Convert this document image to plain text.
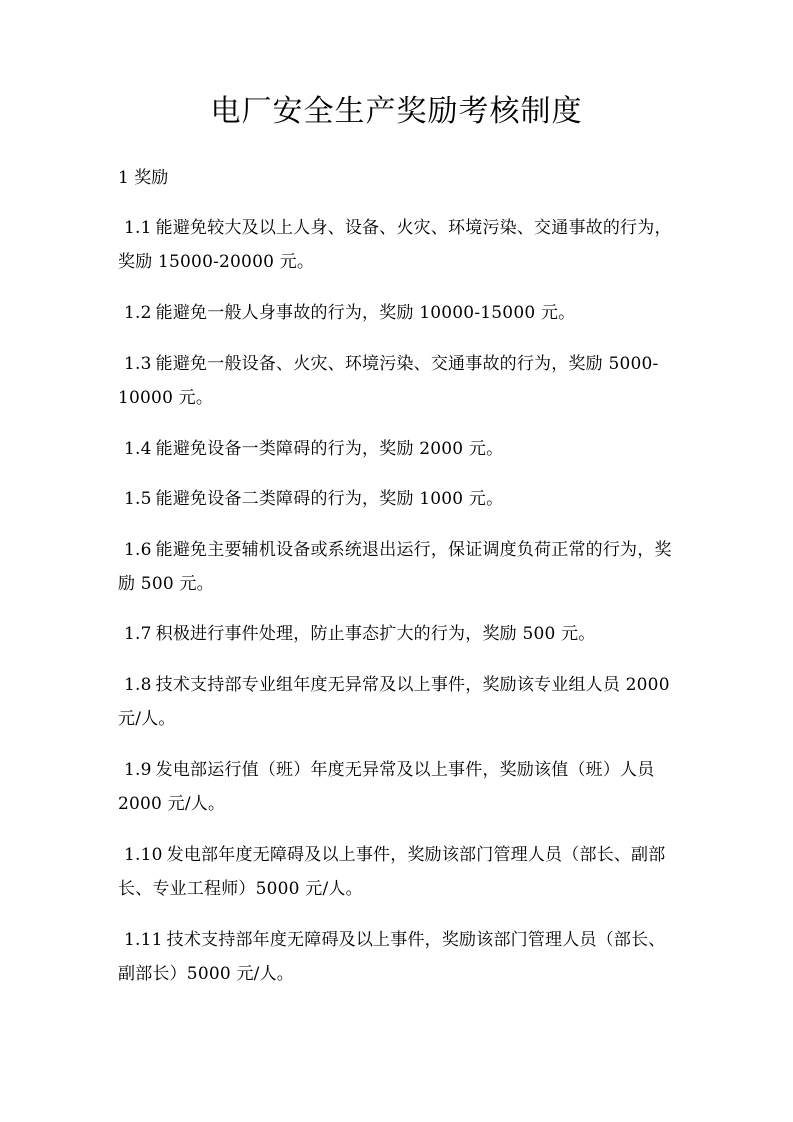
电厂安全生产奖励考核制度
1 奖励
1.1 能避免较大及以上人身、设备、火灾、环境污染、交通事故的行为，奖励 15000-20000 元。
1.2 能避免一般人身事故的行为，奖励 10000-15000 元。
1.3 能避免一般设备、火灾、环境污染、交通事故的行为，奖励 5000-10000 元。
1.4 能避免设备一类障碍的行为，奖励 2000 元。
1.5 能避免设备二类障碍的行为，奖励 1000 元。
1.6 能避免主要辅机设备或系统退出运行，保证调度负荷正常的行为，奖励 500 元。
1.7 积极进行事件处理，防止事态扩大的行为，奖励 500 元。
1.8 技术支持部专业组年度无异常及以上事件，奖励该专业组人员 2000 元/人。
1.9 发电部运行值（班）年度无异常及以上事件，奖励该值（班）人员 2000 元/人。
1.10 发电部年度无障碍及以上事件，奖励该部门管理人员（部长、副部长、专业工程师）5000 元/人。
1.11 技术支持部年度无障碍及以上事件，奖励该部门管理人员（部长、副部长）5000 元/人。
